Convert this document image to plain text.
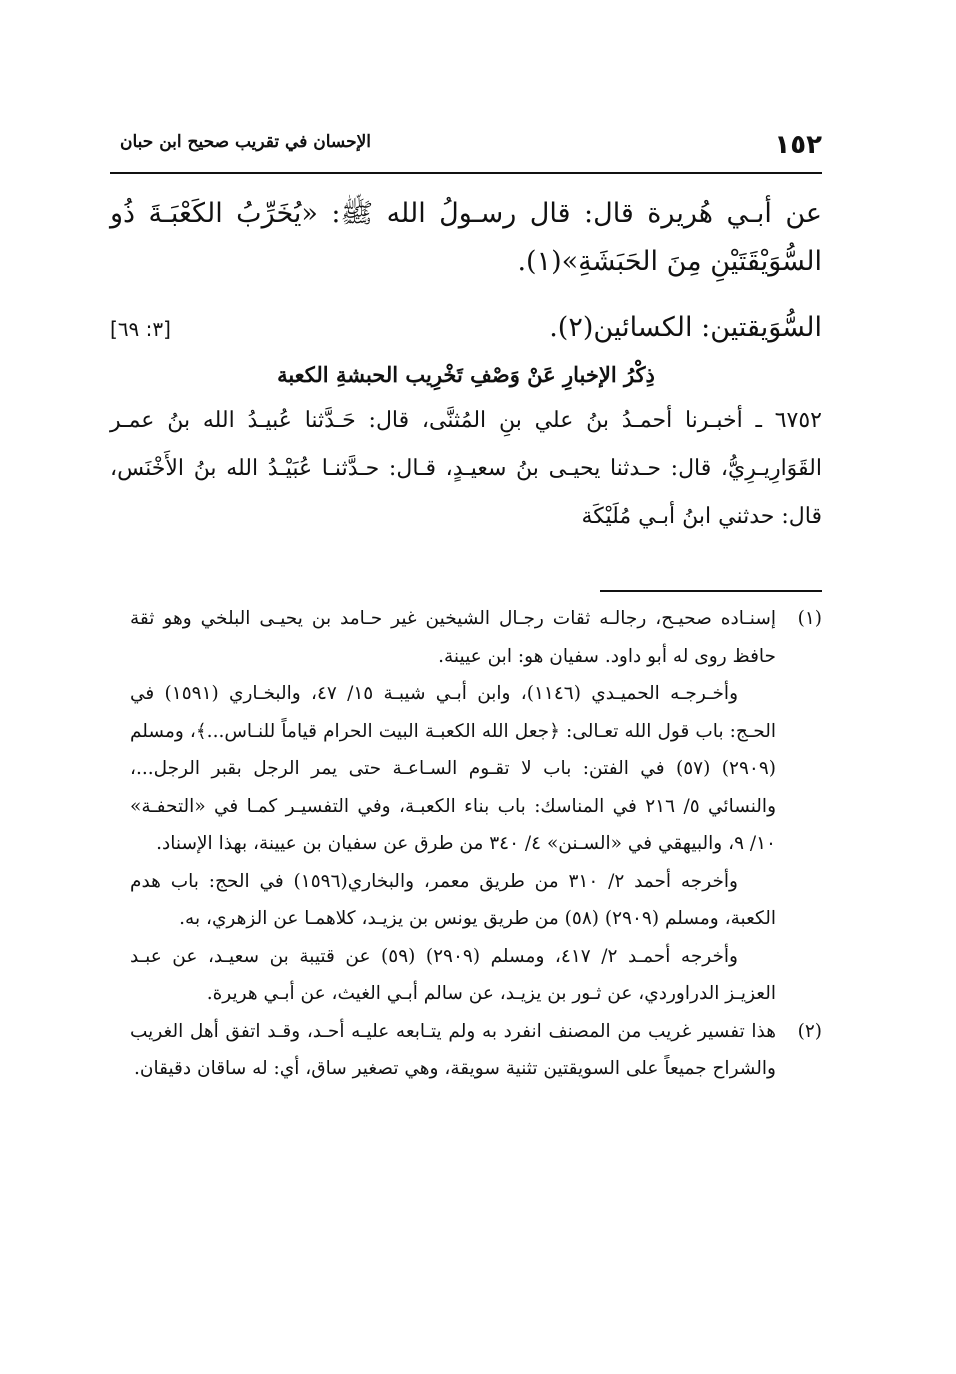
١٥٢
الإحسان في تقريب صحيح ابن حبان

عن أبـي هُريرة قال: قال رسـولُ الله ﷺ: «يُخَرِّبُ الكَعْبَـةَ ذُو السُّوَيْقَتَيْنِ مِنَ الحَبَشَةِ»(١).

السُّوَيقتين: الكسائين(٢).
[٣: ٦٩]

ذِكْرُ الإخبارِ عَنْ وَصْفِ تَخْرِيب الحبشةِ الكعبة

٦٧٥٢ ـ أخبـرنا أحمـدُ بنُ علي بنِ المُثنَّى، قال: حَـدَّثنا عُبيـدُ الله بنُ عمـر القَوَارِيـرِيُّ، قال: حـدثنا يحيـى بنُ سعيـدٍ، قـال: حـدَّثنـا عُبَيْـدُ الله بنُ الأَخْنَس، قال: حدثني ابنُ أبـي مُلَيْكَة

(١)

إسنـاده صحيـح، رجالـه ثقات رجـال الشيخين غير حـامد بن يحيـى البلخي وهو ثقة حافظ روى له أبو داود. سفيان هو: ابن عيينة.

وأخـرجـه الحميـدي (١١٤٦)، وابن أبـي شيبـة ١٥/ ٤٧، والبخـاري (١٥٩١) في الحـج: باب قول الله تعـالى: ﴿جعل الله الكعبـة البيت الحرام قياماً للنـاس...﴾، ومسلم (٢٩٠٩) (٥٧) في الفتن: باب لا تقـوم السـاعـة حتى يمر الرجل بقبر الرجل...، والنسائي ٥/ ٢١٦ في المناسك: باب بناء الكعبـة، وفي التفسيـر كمـا في «التحفـة» ١٠/ ٩، والبيهقي في «السـنن» ٤/ ٣٤٠ من طرق عن سفيان بن عيينة، بهذا الإسناد.

وأخرجه أحمد ٢/ ٣١٠ من طريق معمر، والبخاري(١٥٩٦) في الحج: باب هدم الكعبة، ومسلم (٢٩٠٩) (٥٨) من طريق يونس بن يزيـد، كلاهمـا عن الزهري، به.

وأخرجه أحمـد ٢/ ٤١٧، ومسلم (٢٩٠٩) (٥٩) عن قتيبة بن سعيـد، عن عبـد العزيـز الدراوردي، عن ثـور بن يزيـد، عن سالم أبـي الغيث، عن أبـي هريرة.

(٢)

هذا تفسير غريب من المصنف انفرد به ولم يتـابعه عليـه أحـد، وقـد اتفق أهل الغريب والشراح جميعاً على السويقتين تثنية سويقة، وهي تصغير ساق، أي: له ساقان دقيقان.
